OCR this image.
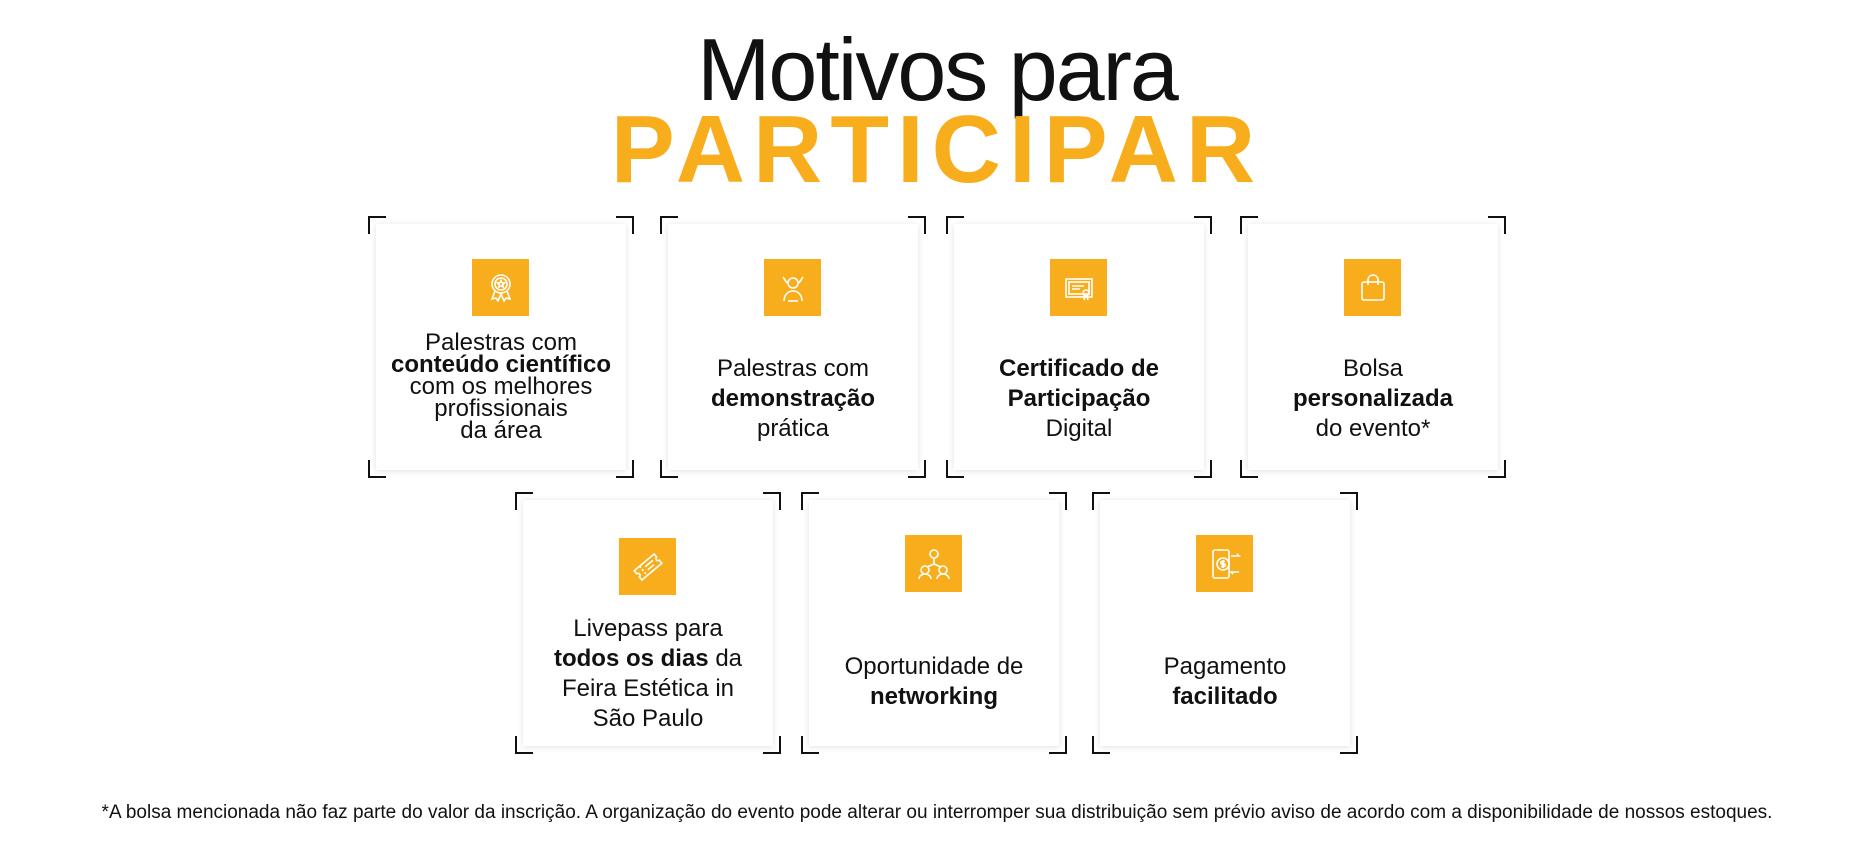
Motivos para
PARTICIPAR
Palestras com
conteúdo científico
com os melhores
profissionais
da área
Palestras com
demonstração
prática
Certificado de
Participação
Digital
Bolsa
personalizada
do evento*
Livepass para
todos os dias da
Feira Estética in
São Paulo
Oportunidade de
networking
Pagamento
facilitado
*A bolsa mencionada não faz parte do valor da inscrição. A organização do evento pode alterar ou interromper sua distribuição sem prévio aviso de acordo com a disponibilidade de nossos estoques.
